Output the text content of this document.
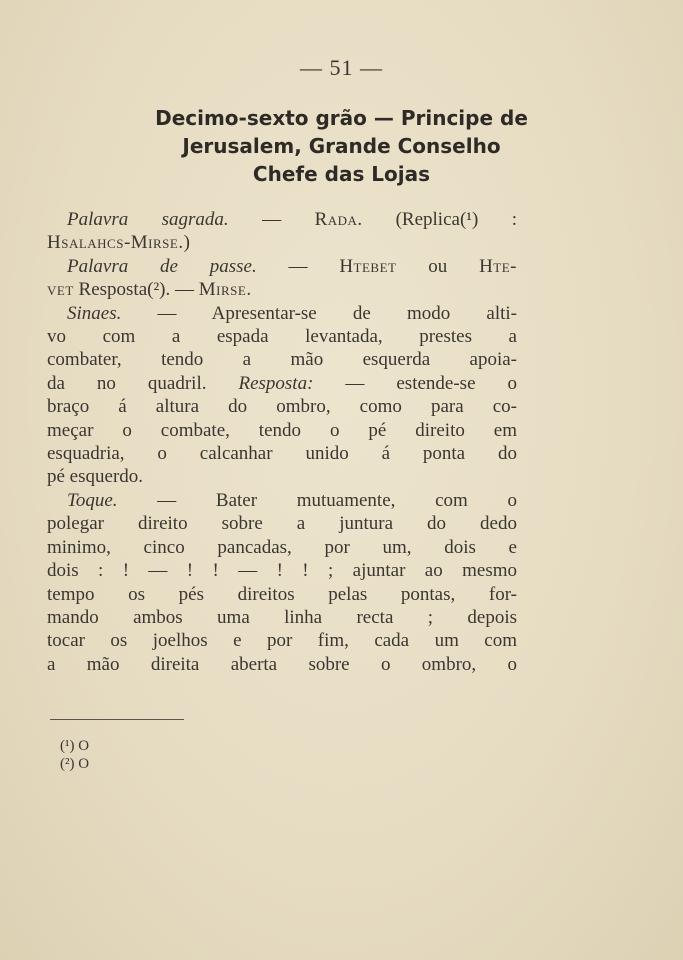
— 51 —
Decimo-sexto grão — Principe de
Jerusalem, Grande Conselho
Chefe das Lojas
Palavra sagrada. — Rada. (Replica(¹) :
Hsalahcs-Mirse.)
Palavra de passe. — Htebet ou Hte-
vet Resposta(²). — Mirse.
Sinaes. — Apresentar-se de modo alti-
vo com a espada levantada, prestes a
combater, tendo a mão esquerda apoia-
da no quadril. Resposta: — estende-se o
braço á altura do ombro, como para co-
meçar o combate, tendo o pé direito em
esquadria, o calcanhar unido á ponta do
pé esquerdo.
Toque. — Bater mutuamente, com o
polegar direito sobre a juntura do dedo
minimo, cinco pancadas, por um, dois e
dois : ! — ! ! — ! ! ; ajuntar ao mesmo
tempo os pés direitos pelas pontas, for-
mando ambos uma linha recta ; depois
tocar os joelhos e por fim, cada um com
a mão direita aberta sobre o ombro, o
(¹) O
(²) O
